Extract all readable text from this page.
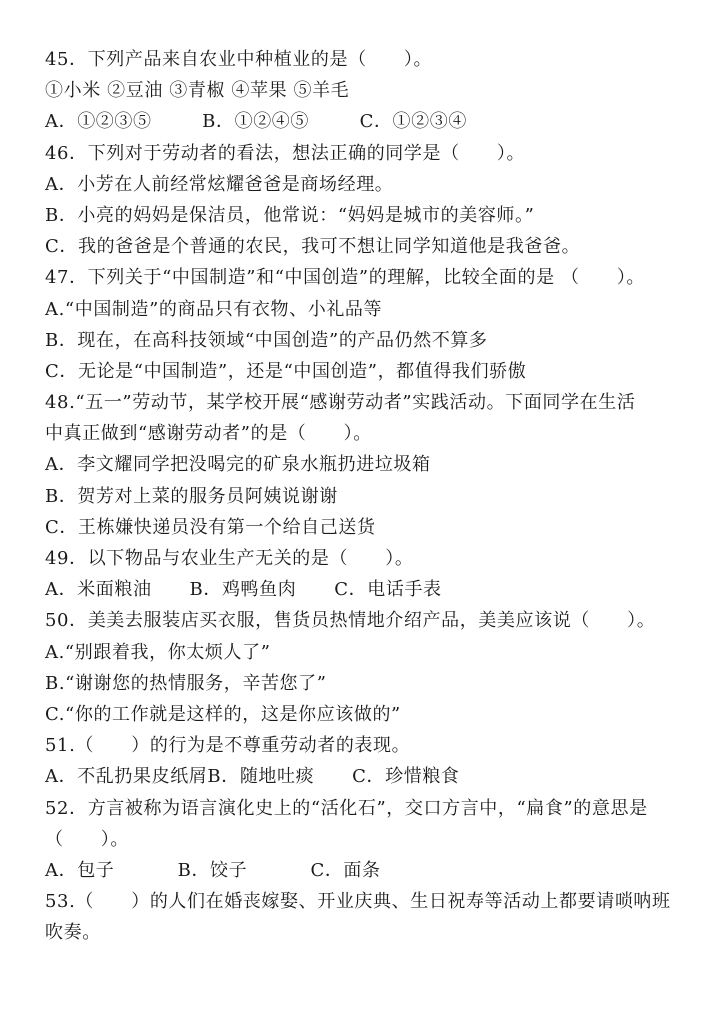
45．下列产品来自农业中种植业的是（　　）。
①小米 ②豆油 ③青椒 ④苹果 ⑤羊毛
A．①②③⑤        B．①②④⑤        C．①②③④
46．下列对于劳动者的看法，想法正确的同学是（　　）。
A．小芳在人前经常炫耀爸爸是商场经理。
B．小亮的妈妈是保洁员，他常说：“妈妈是城市的美容师。”
C．我的爸爸是个普通的农民，我可不想让同学知道他是我爸爸。
47．下列关于“中国制造”和“中国创造”的理解，比较全面的是 （　　）。
A.“中国制造”的商品只有衣物、小礼品等
B．现在，在高科技领域“中国创造”的产品仍然不算多
C．无论是“中国制造”，还是“中国创造”，都值得我们骄傲
48.“五一”劳动节，某学校开展“感谢劳动者”实践活动。下面同学在生活
中真正做到“感谢劳动者”的是（　　）。
A．李文耀同学把没喝完的矿泉水瓶扔进垃圾箱
B．贺芳对上菜的服务员阿姨说谢谢
C．王栋嫌快递员没有第一个给自己送货
49．以下物品与农业生产无关的是（　　）。
A．米面粮油      B．鸡鸭鱼肉      C．电话手表
50．美美去服装店买衣服，售货员热情地介绍产品，美美应该说（　　）。
A.“别跟着我，你太烦人了”
B.“谢谢您的热情服务，辛苦您了”
C.“你的工作就是这样的，这是你应该做的”
51.（　　）的行为是不尊重劳动者的表现。
A．不乱扔果皮纸屑B．随地吐痰      C．珍惜粮食
52．方言被称为语言演化史上的“活化石”，交口方言中，“扁食”的意思是
（　　）。
A．包子          B．饺子          C．面条
53.（　　）的人们在婚丧嫁娶、开业庆典、生日祝寿等活动上都要请唢呐班
吹奏。
